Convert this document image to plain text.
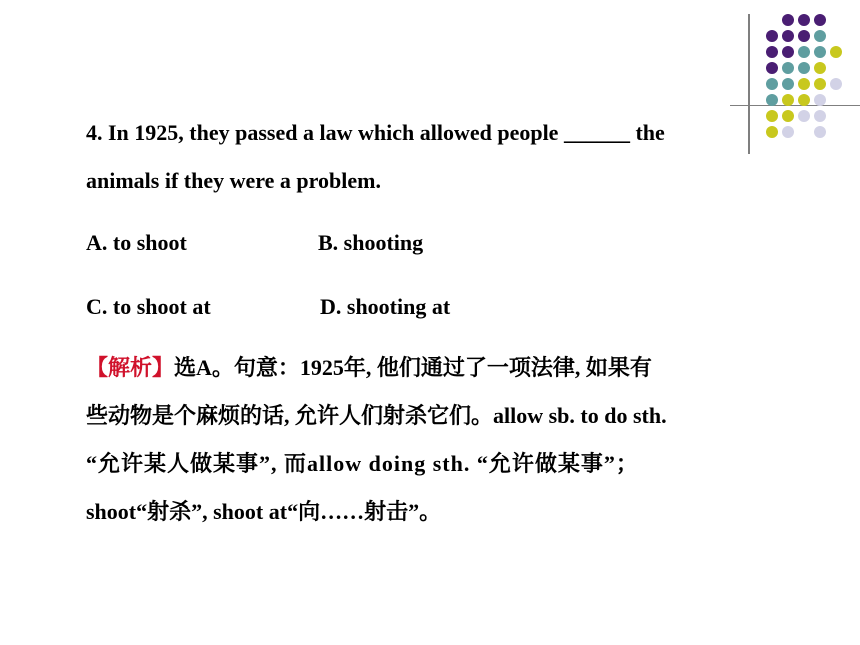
4. In 1925, they passed a law which allowed people ______ the
animals if they were a problem.
A. to shoot	B. shooting
C. to shoot at	D. shooting at
【解析】选A。句意：1925年, 他们通过了一项法律, 如果有
些动物是个麻烦的话, 允许人们射杀它们。allow sb. to do sth.
“允许某人做某事”, 而allow doing sth. “允许做某事”；
shoot“射杀”, shoot at“向……射击”。
